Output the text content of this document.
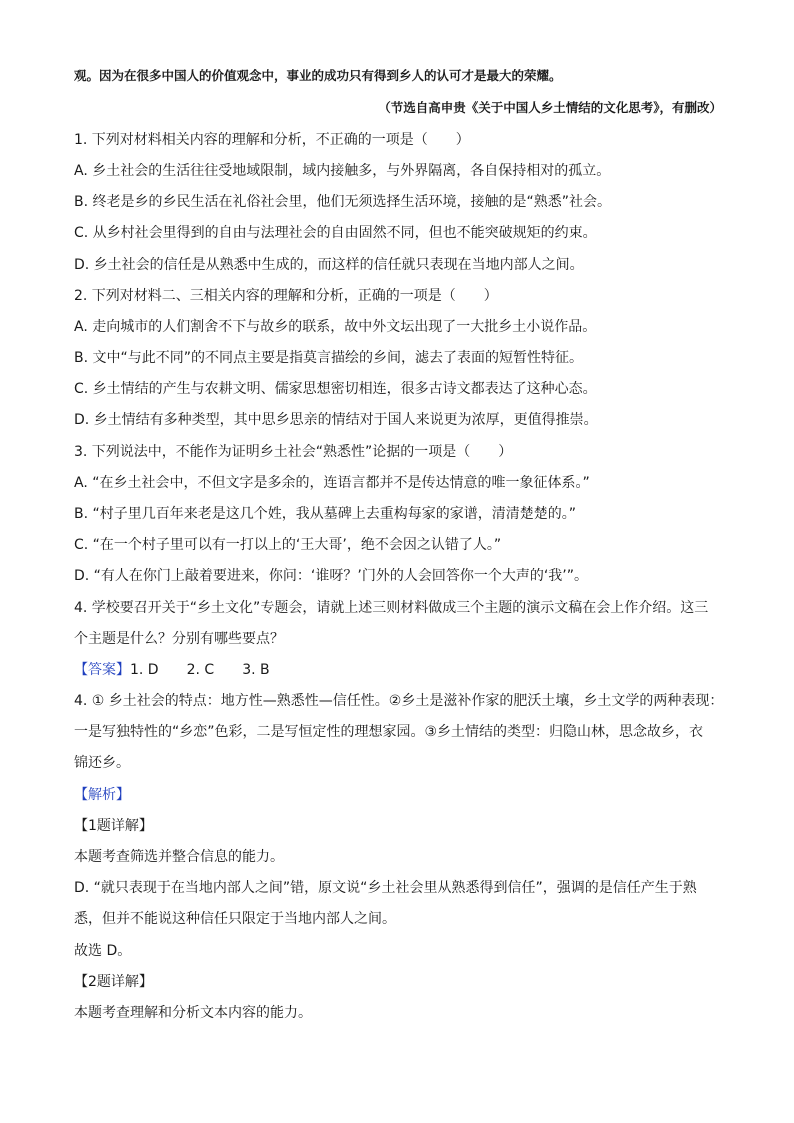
观。因为在很多中国人的价值观念中，事业的成功只有得到乡人的认可才是最大的荣耀。
（节选自高申贵《关于中国人乡土情结的文化思考》，有删改）
1. 下列对材料相关内容的理解和分析，不正确的一项是（　　）
A. 乡土社会的生活往往受地域限制，域内接触多，与外界隔离，各自保持相对的孤立。
B. 终老是乡的乡民生活在礼俗社会里，他们无须选择生活环境，接触的是“熟悉”社会。
C. 从乡村社会里得到的自由与法理社会的自由固然不同，但也不能突破规矩的约束。
D. 乡土社会的信任是从熟悉中生成的，而这样的信任就只表现在当地内部人之间。
2. 下列对材料二、三相关内容的理解和分析，正确的一项是（　　）
A. 走向城市的人们割舍不下与故乡的联系，故中外文坛出现了一大批乡土小说作品。
B. 文中“与此不同”的不同点主要是指莫言描绘的乡间，滤去了表面的短暂性特征。
C. 乡土情结的产生与农耕文明、儒家思想密切相连，很多古诗文都表达了这种心态。
D. 乡土情结有多种类型，其中思乡思亲的情结对于国人来说更为浓厚，更值得推崇。
3. 下列说法中，不能作为证明乡土社会“熟悉性”论据的一项是（　　）
A. “在乡土社会中，不但文字是多余的，连语言都并不是传达情意的唯一象征体系。”
B. “村子里几百年来老是这几个姓，我从墓碑上去重构每家的家谱，清清楚楚的。”
C. “在一个村子里可以有一打以上的‘王大哥’，绝不会因之认错了人。”
D. “有人在你门上敲着要进来，你问：‘谁呀？’门外的人会回答你一个大声的‘我’”。
4. 学校要召开关于“乡土文化”专题会，请就上述三则材料做成三个主题的演示文稿在会上作介绍。这三
个主题是什么？分别有哪些要点？
【答案】1. D 2. C 3. B
4. ① 乡土社会的特点：地方性—熟悉性—信任性。②乡土是滋补作家的肥沃土壤，乡土文学的两种表现：
一是写独特性的“乡恋”色彩，二是写恒定性的理想家园。③乡土情结的类型：归隐山林，思念故乡，衣
锦还乡。
【解析】
【1题详解】
本题考查筛选并整合信息的能力。
D. “就只表现于在当地内部人之间”错，原文说“乡土社会里从熟悉得到信任”，强调的是信任产生于熟
悉，但并不能说这种信任只限定于当地内部人之间。
故选 D。
【2题详解】
本题考查理解和分析文本内容的能力。
